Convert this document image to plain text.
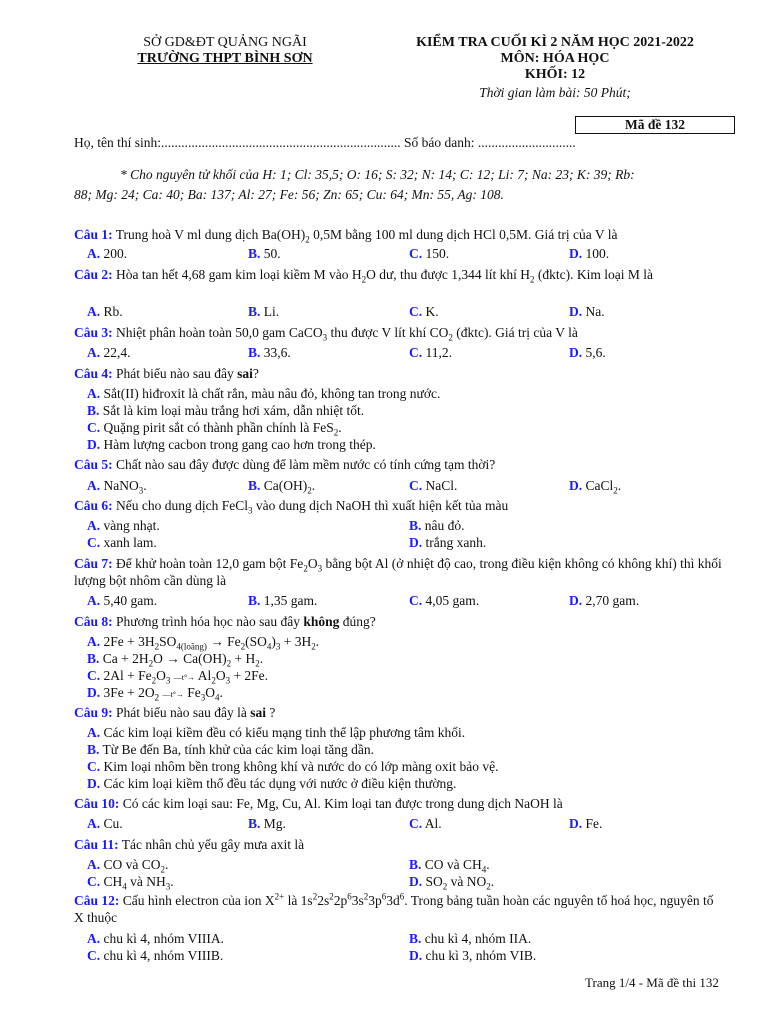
SỞ GD&ĐT QUẢNG NGÃI
TRƯỜNG THPT BÌNH SƠN
KIỂM TRA CUỐI KÌ 2 NĂM HỌC 2021-2022
MÔN: HÓA HỌC
KHỐI: 12
Thời gian làm bài: 50 Phút;
Mã đề 132
Họ, tên thí sinh:....................................................................... Số báo danh: .............................
* Cho nguyên tử khối của H: 1; Cl: 35,5; O: 16; S: 32; N: 14; C: 12; Li: 7; Na: 23; K: 39; Rb:
88; Mg: 24; Ca: 40; Ba: 137; Al: 27; Fe: 56; Zn: 65; Cu: 64; Mn: 55, Ag: 108.
Câu 1: Trung hoà V ml dung dịch $Ba(OH)_2$ 0,5M bằng 100 ml dung dịch HCl 0,5M. Giá trị của V là
A. 200.	B. 50.	C. 150.	D. 100.
Câu 2: Hòa tan hết 4,68 gam kim loại kiềm M vào $H_2O$ dư, thu được 1,344 lít khí $H_2$ (đktc). Kim loại M là
A. Rb.	B. Li.	C. K.	D. Na.
Câu 3: Nhiệt phân hoàn toàn 50,0 gam CaCO$_3$ thu được V lít khí $CO_2$ (đktc). Giá trị của V là
A. 22,4.	B. 33,6.	C. 11,2.	D. 5,6.
Câu 4: Phát biểu nào sau đây sai?
A. Sắt(II) hiđroxit là chất rắn, màu nâu đỏ, không tan trong nước.
B. Sắt là kim loại màu trắng hơi xám, dẫn nhiệt tốt.
C. Quặng pirit sắt có thành phần chính là FeS$_2$.
D. Hàm lượng cacbon trong gang cao hơn trong thép.
Câu 5: Chất nào sau đây được dùng để làm mềm nước có tính cứng tạm thời?
A. NaNO$_3$.	B. $Ca(OH)_2$.	C. NaCl.	D. CaCl$_2$.
Câu 6: Nếu cho dung dịch FeCl$_3$ vào dung dịch NaOH thì xuất hiện kết tủa màu
A. vàng nhạt.	B. nâu đỏ.
C. xanh lam.	D. trắng xanh.
Câu 7: Để khử hoàn toàn 12,0 gam bột $Fe_2O_3$ bằng bột Al (ở nhiệt độ cao, trong điều kiện không có không khí) thì khối lượng bột nhôm cần dùng là
A. 5,40 gam.	B. 1,35 gam.	C. 4,05 gam.	D. 2,70 gam.
Câu 8: Phương trình hóa học nào sau đây không đúng?
A. $2Fe + 3H_2SO_{4(loãng)} \to Fe_2(SO_4)_3 + 3H_2$.
B. $Ca + 2H_2O \to Ca(OH)_2 + H_2$.
C. $2Al + Fe_2O_3$ —t°→ $Al_2O_3 + 2Fe$.
D. $3Fe + 2O_2$ —t°→ $Fe_3O_4$.
Câu 9: Phát biểu nào sau đây là sai ?
A. Các kim loại kiềm đều có kiểu mạng tinh thể lập phương tâm khối.
B. Từ Be đến Ba, tính khử của các kim loại tăng dần.
C. Kim loại nhôm bền trong không khí và nước do có lớp màng oxit bảo vệ.
D. Các kim loại kiềm thổ đều tác dụng với nước ở điều kiện thường.
Câu 10: Có các kim loại sau: Fe, Mg, Cu, Al. Kim loại tan được trong dung dịch NaOH là
A. Cu.	B. Mg.	C. Al.	D. Fe.
Câu 11: Tác nhân chủ yếu gây mưa axit là
A. CO và $CO_2$.	B. CO và $CH_4$.
C. $CH_4$ và $NH_3$.	D. $SO_2$ và $NO_2$.
Câu 12: Cấu hình electron của ion $X^{2+}$ là $1s^22s^22p^63s^23p^63d^6$. Trong bảng tuần hoàn các nguyên tố hoá học, nguyên tố X thuộc
A. chu kì 4, nhóm VIIIA.	B. chu kì 4, nhóm IIA.
C. chu kì 4, nhóm VIIIB.	D. chu kì 3, nhóm VIB.
Trang 1/4 - Mã đề thi 132
